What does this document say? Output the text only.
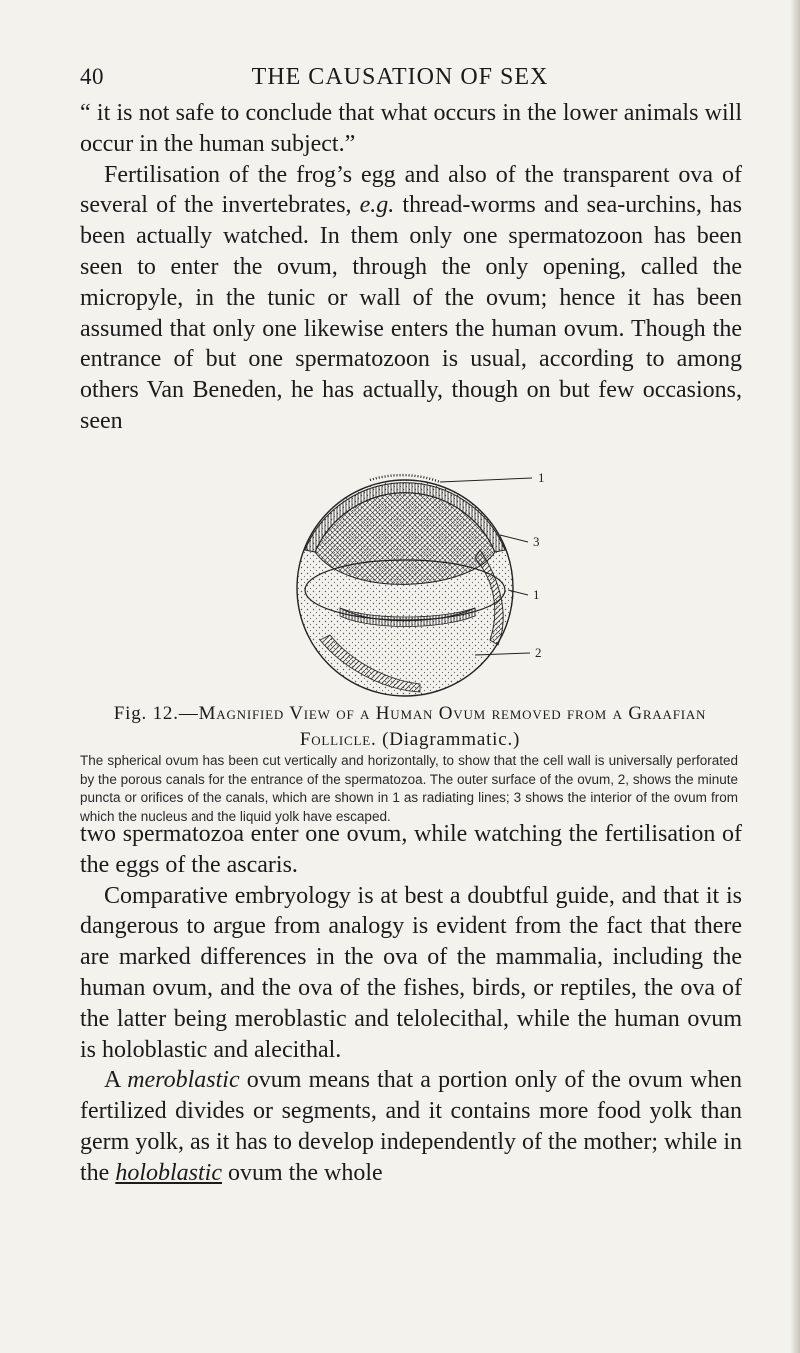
40	THE CAUSATION OF SEX

“ it is not safe to conclude that what occurs in the lower animals will occur in the human subject.”

Fertilisation of the frog’s egg and also of the transparent ova of several of the invertebrates, e.g. thread-worms and sea-urchins, has been actually watched. In them only one spermatozoon has been seen to enter the ovum, through the only opening, called the micropyle, in the tunic or wall of the ovum; hence it has been assumed that only one likewise enters the human ovum. Though the entrance of but one spermatozoon is usual, according to among others Van Beneden, he has actually, though on but few occasions, seen

1
3
1
2
Fig. 12.—Magnified View of a Human Ovum removed from a Graafian Follicle. (Diagrammatic.)

The spherical ovum has been cut vertically and horizontally, to show that the cell wall is universally perforated by the porous canals for the entrance of the spermatozoa. The outer surface of the ovum, 2, shows the minute puncta or orifices of the canals, which are shown in 1 as radiating lines; 3 shows the interior of the ovum from which the nucleus and the liquid yolk have escaped.

two spermatozoa enter one ovum, while watching the fertilisation of the eggs of the ascaris.

Comparative embryology is at best a doubtful guide, and that it is dangerous to argue from analogy is evident from the fact that there are marked differences in the ova of the mammalia, including the human ovum, and the ova of the fishes, birds, or reptiles, the ova of the latter being meroblastic and telolecithal, while the human ovum is holoblastic and alecithal.

A meroblastic ovum means that a portion only of the ovum when fertilized divides or segments, and it contains more food yolk than germ yolk, as it has to develop independently of the mother; while in the holoblastic ovum the whole
